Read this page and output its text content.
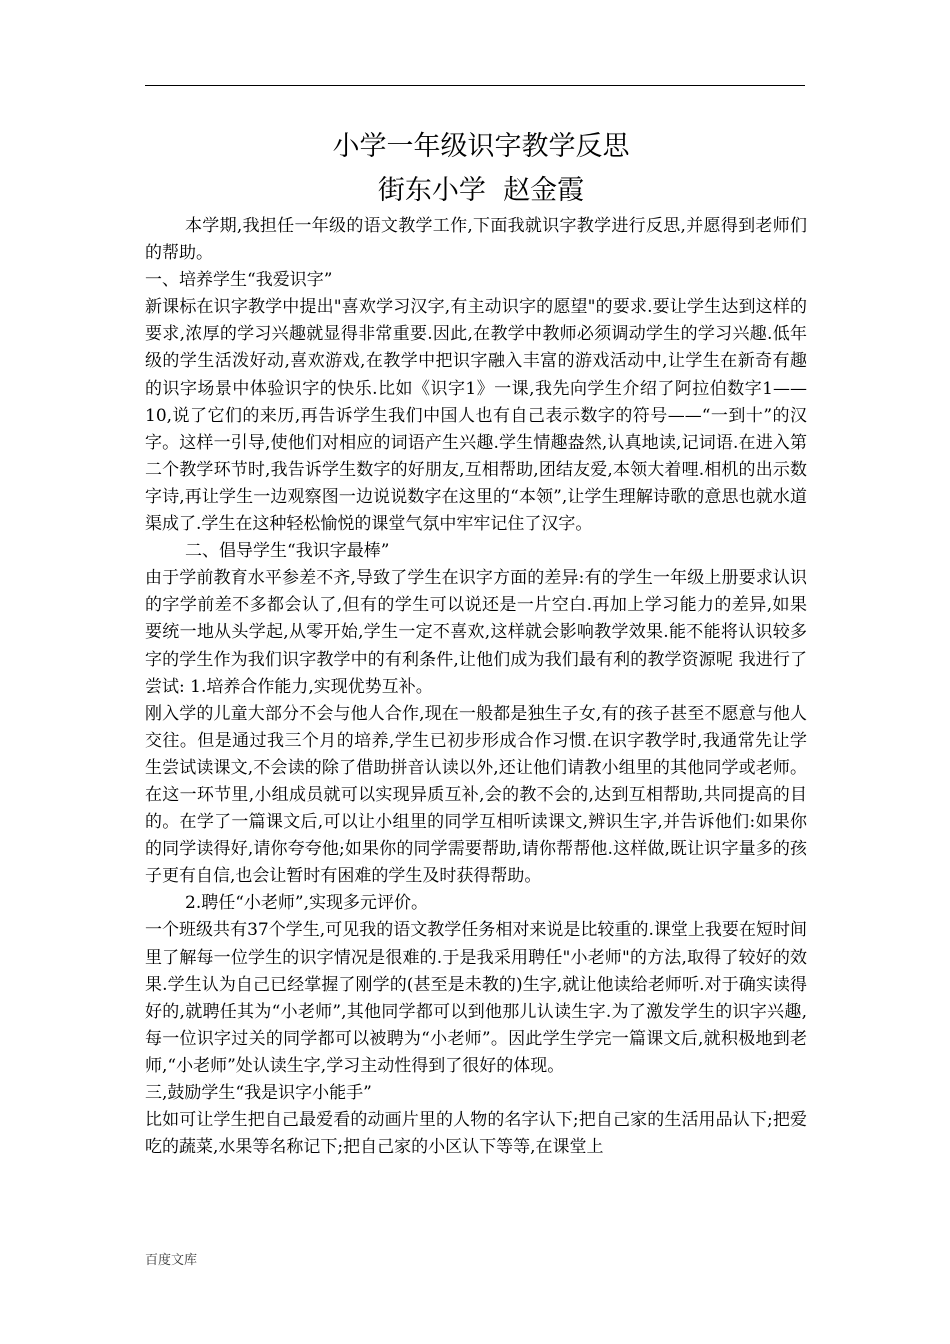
小学一年级识字教学反思
街东小学  赵金霞

本学期,我担任一年级的语文教学工作,下面我就识字教学进行反思,并愿得到老师们的帮助。

一、培养学生“我爱识字”

新课标在识字教学中提出"喜欢学习汉字,有主动识字的愿望"的要求.要让学生达到这样的要求,浓厚的学习兴趣就显得非常重要.因此,在教学中教师必须调动学生的学习兴趣.低年级的学生活泼好动,喜欢游戏,在教学中把识字融入丰富的游戏活动中,让学生在新奇有趣的识字场景中体验识字的快乐.比如《识字1》一课,我先向学生介绍了阿拉伯数字1——10,说了它们的来历,再告诉学生我们中国人也有自己表示数字的符号——“一到十”的汉字。这样一引导,使他们对相应的词语产生兴趣.学生情趣盎然,认真地读,记词语.在进入第二个教学环节时,我告诉学生数字的好朋友,互相帮助,团结友爱,本领大着哩.相机的出示数字诗,再让学生一边观察图一边说说数字在这里的“本领”,让学生理解诗歌的意思也就水道渠成了.学生在这种轻松愉悦的课堂气氛中牢牢记住了汉字。

二、倡导学生“我识字最棒”

由于学前教育水平参差不齐,导致了学生在识字方面的差异:有的学生一年级上册要求认识的字学前差不多都会认了,但有的学生可以说还是一片空白.再加上学习能力的差异,如果要统一地从头学起,从零开始,学生一定不喜欢,这样就会影响教学效果.能不能将认识较多字的学生作为我们识字教学中的有利条件,让他们成为我们最有利的教学资源呢 我进行了尝试: 1.培养合作能力,实现优势互补。

刚入学的儿童大部分不会与他人合作,现在一般都是独生子女,有的孩子甚至不愿意与他人交往。但是通过我三个月的培养,学生已初步形成合作习惯.在识字教学时,我通常先让学生尝试读课文,不会读的除了借助拼音认读以外,还让他们请教小组里的其他同学或老师。在这一环节里,小组成员就可以实现异质互补,会的教不会的,达到互相帮助,共同提高的目的。在学了一篇课文后,可以让小组里的同学互相听读课文,辨识生字,并告诉他们:如果你的同学读得好,请你夸夸他;如果你的同学需要帮助,请你帮帮他.这样做,既让识字量多的孩子更有自信,也会让暂时有困难的学生及时获得帮助。

2.聘任“小老师”,实现多元评价。

一个班级共有37个学生,可见我的语文教学任务相对来说是比较重的.课堂上我要在短时间里了解每一位学生的识字情况是很难的.于是我采用聘任"小老师"的方法,取得了较好的效果.学生认为自己已经掌握了刚学的(甚至是未教的)生字,就让他读给老师听.对于确实读得好的,就聘任其为“小老师”,其他同学都可以到他那儿认读生字.为了激发学生的识字兴趣,每一位识字过关的同学都可以被聘为“小老师”。因此学生学完一篇课文后,就积极地到老师,“小老师”处认读生字,学习主动性得到了很好的体现。

三,鼓励学生“我是识字小能手”

比如可让学生把自己最爱看的动画片里的人物的名字认下;把自己家的生活用品认下;把爱吃的蔬菜,水果等名称记下;把自己家的小区认下等等,在课堂上

百度文库
